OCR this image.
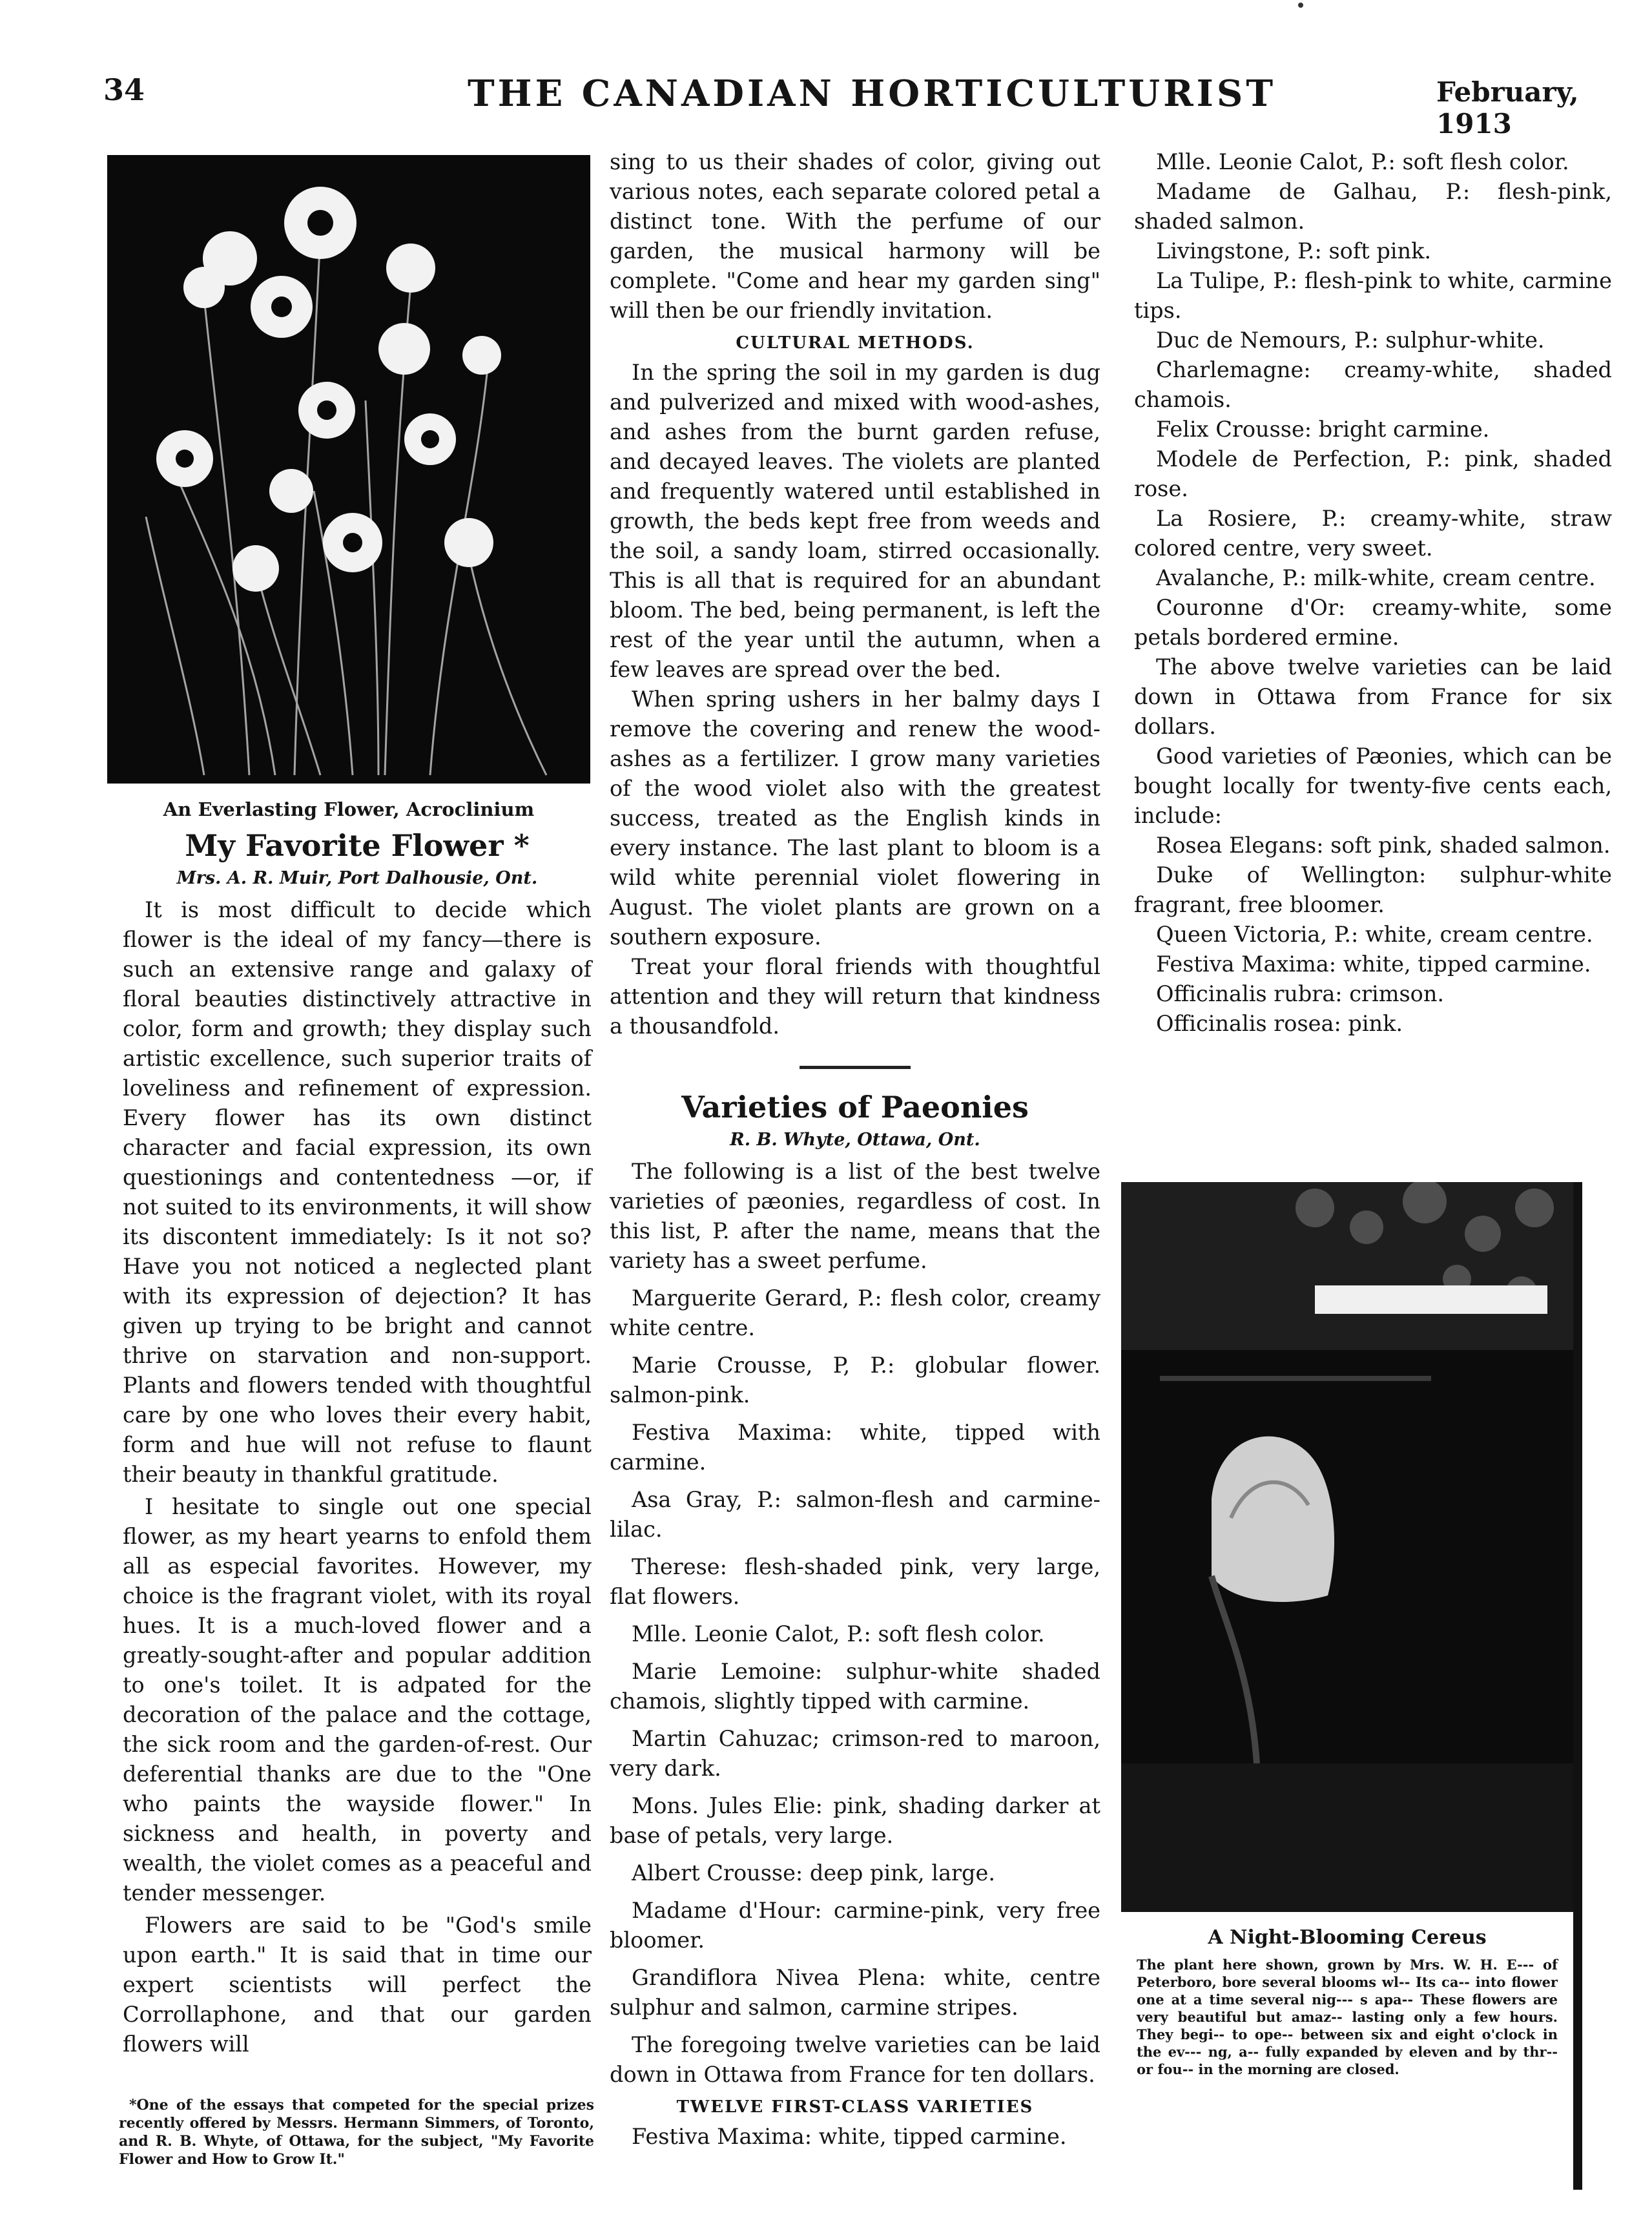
34	THE CANADIAN HORTICULTURIST	February, 1913
An Everlasting Flower, Acroclinium
My Favorite Flower *
Mrs. A. R. Muir, Port Dalhousie, Ont.

It is most difficult to decide which flower is the ideal of my fancy—there is such an extensive range and galaxy of floral beauties distinctively attractive in color, form and growth; they display such artistic excellence, such superior traits of loveliness and refinement of expression. Every flower has its own distinct character and facial expression, its own questionings and contentedness —or, if not suited to its environments, it will show its discontent immediately: Is it not so? Have you not noticed a neglected plant with its expression of dejection? It has given up trying to be bright and cannot thrive on starvation and non-support. Plants and flowers tended with thoughtful care by one who loves their every habit, form and hue will not refuse to flaunt their beauty in thankful gratitude.

I hesitate to single out one special flower, as my heart yearns to enfold them all as especial favorites. However, my choice is the fragrant violet, with its royal hues. It is a much-loved flower and a greatly-sought-after and popular addition to one's toilet. It is adpated for the decoration of the palace and the cottage, the sick room and the garden-of-rest. Our deferential thanks are due to the "One who paints the wayside flower." In sickness and health, in poverty and wealth, the violet comes as a peaceful and tender messenger.

Flowers are said to be "God's smile upon earth." It is said that in time our expert scientists will perfect the Corrollaphone, and that our garden flowers will

*One of the essays that competed for the special prizes recently offered by Messrs. Hermann Simmers, of Toronto, and R. B. Whyte, of Ottawa, for the subject, "My Favorite Flower and How to Grow It."

sing to us their shades of color, giving out various notes, each separate colored petal a distinct tone. With the perfume of our garden, the musical harmony will be complete. "Come and hear my garden sing" will then be our friendly invitation.

CULTURAL METHODS.

In the spring the soil in my garden is dug and pulverized and mixed with wood-ashes, and ashes from the burnt garden refuse, and decayed leaves. The violets are planted and frequently watered until established in growth, the beds kept free from weeds and the soil, a sandy loam, stirred occasionally. This is all that is required for an abundant bloom. The bed, being permanent, is left the rest of the year until the autumn, when a few leaves are spread over the bed.

When spring ushers in her balmy days I remove the covering and renew the wood-ashes as a fertilizer. I grow many varieties of the wood violet also with the greatest success, treated as the English kinds in every instance. The last plant to bloom is a wild white perennial violet flowering in August. The violet plants are grown on a southern exposure.

Treat your floral friends with thoughtful attention and they will return that kindness a thousandfold.

Varieties of Paeonies
R. B. Whyte, Ottawa, Ont.

The following is a list of the best twelve varieties of pæonies, regardless of cost. In this list, P. after the name, means that the variety has a sweet perfume.

Marguerite Gerard, P.: flesh color, creamy white centre.

Marie Crousse, P, P.: globular flower. salmon-pink.

Festiva Maxima: white, tipped with carmine.

Asa Gray, P.: salmon-flesh and carmine-lilac.

Therese: flesh-shaded pink, very large, flat flowers.

Mlle. Leonie Calot, P.: soft flesh color.

Marie Lemoine: sulphur-white shaded chamois, slightly tipped with carmine.

Martin Cahuzac; crimson-red to maroon, very dark.

Mons. Jules Elie: pink, shading darker at base of petals, very large.

Albert Crousse: deep pink, large.

Madame d'Hour: carmine-pink, very free bloomer.

Grandiflora Nivea Plena: white, centre sulphur and salmon, carmine stripes.

The foregoing twelve varieties can be laid down in Ottawa from France for ten dollars.

TWELVE FIRST-CLASS VARIETIES

Festiva Maxima: white, tipped carmine.

Mlle. Leonie Calot, P.: soft flesh color.

Madame de Galhau, P.: flesh-pink, shaded salmon.

Livingstone, P.: soft pink.

La Tulipe, P.: flesh-pink to white, carmine tips.

Duc de Nemours, P.: sulphur-white.

Charlemagne: creamy-white, shaded chamois.

Felix Crousse: bright carmine.

Modele de Perfection, P.: pink, shaded rose.

La Rosiere, P.: creamy-white, straw colored centre, very sweet.

Avalanche, P.: milk-white, cream centre.

Couronne d'Or: creamy-white, some petals bordered ermine.

The above twelve varieties can be laid down in Ottawa from France for six dollars.

Good varieties of Pæonies, which can be bought locally for twenty-five cents each, include:

Rosea Elegans: soft pink, shaded salmon.

Duke of Wellington: sulphur-white fragrant, free bloomer.

Queen Victoria, P.: white, cream centre.

Festiva Maxima: white, tipped carmine.

Officinalis rubra: crimson.

Officinalis rosea: pink.

A Night-Blooming Cereus
The plant here shown, grown by Mrs. W. H. E--- of Peterboro, bore several blooms wl-- Its ca-- into flower one at a time several nig--- s apa-- These flowers are very beautiful but amaz-- lasting only a few hours. They begi-- to ope-- between six and eight o'clock in the ev--- ng, a-- fully expanded by eleven and by thr-- or fou-- in the morning are closed.
